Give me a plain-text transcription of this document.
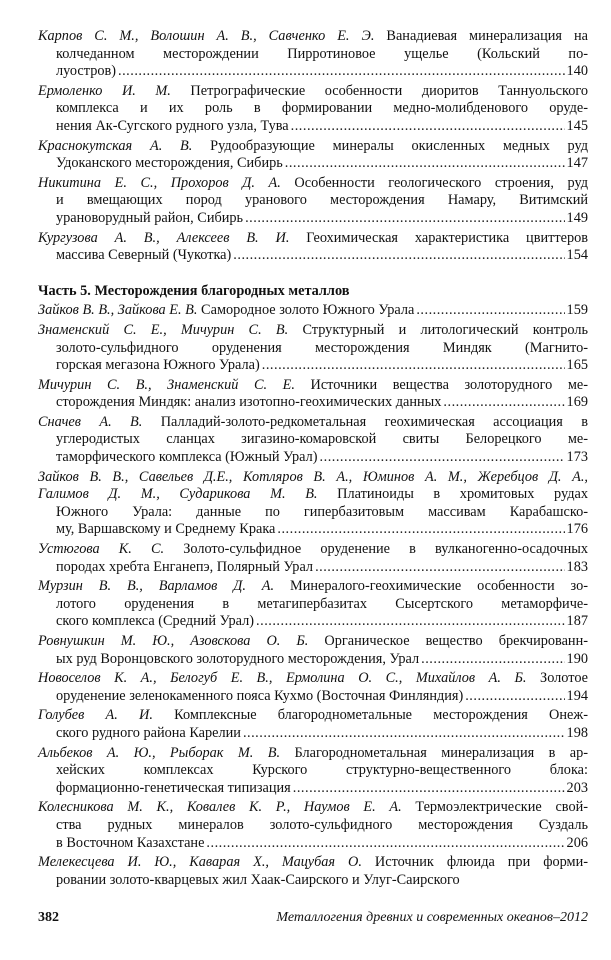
Карпов С. М., Волошин А. В., Савченко Е. Э. Ванадиевая минерализация на
колчеданном месторождении Пирротиновое ущелье (Кольский по-
луостров) .....	140
Ермоленко И. М. Петрографические особенности диоритов Таннуольского
комплекса и их роль в формировании медно-молибденового оруде-
нения Ак-Сугского рудного узла, Тува .....	145
Краснокутская А. В. Рудообразующие минералы окисленных медных руд
Удоканского месторождения, Сибирь .....	147
Никитина Е. С., Прохоров Д. А. Особенности геологического строения, руд
и вмещающих пород уранового месторождения Намару, Витимский
урановорудный район, Сибирь .....	149
Кургузова А. В., Алексеев В. И. Геохимическая характеристика цвиттеров
массива Северный (Чукотка) .....	154
Часть 5. Месторождения благородных металлов
Зайков В. В., Зайкова Е. В. Самородное золото Южного Урала .....	159
Знаменский С. Е., Мичурин С. В. Структурный и литологический контроль
золото-сульфидного оруденения месторождения Миндяк (Магнито-
горская мегазона Южного Урала) .....	165
Мичурин С. В., Знаменский С. Е. Источники вещества золоторудного ме-
сторождения Миндяк: анализ изотопно-геохимических данных .....	169
Сначев А. В. Палладий-золото-редкометальная геохимическая ассоциация в
углеродистых сланцах зигазино-комаровской свиты Белорецкого ме-
таморфического комплекса (Южный Урал) .....	173
Зайков В. В., Савельев Д.Е., Котляров В. А., Юминов А. М., Жеребцов Д. А.,
Галимов Д. М., Сударикова М. В. Платиноиды в хромитовых рудах
Южного Урала: данные по гипербазитовым массивам Карабашско-
му, Варшавскому и Среднему Крака .....	176
Устюгова К. С. Золото-сульфидное оруденение в вулканогенно-осадочных
породах хребта Енганепэ, Полярный Урал .....	183
Мурзин В. В., Варламов Д. А. Минералого-геохимические особенности зо-
лотого оруденения в метагипербазитах Сысертского метаморфиче-
ского комплекса (Средний Урал) .....	187
Ровнушкин М. Ю., Азовскова О. Б. Органическое вещество брекчированн-
ых руд Воронцовского золоторудного месторождения, Урал .....	190
Новоселов К. А., Белогуб Е. В., Ермолина О. С., Михайлов А. Б. Золотое
оруденение зеленокаменного пояса Кухмо (Восточная Финляндия) .....	194
Голубев А. И. Комплексные благороднометальные месторождения Онеж-
ского рудного района Карелии .....	198
Альбеков А. Ю., Рыборак М. В. Благороднометальная минерализация в ар-
хейских комплексах Курского структурно-вещественного блока:
формационно-генетическая типизация .....	203
Колесникова М. К., Ковалев К. Р., Наумов Е. А. Термоэлектрические свой-
ства рудных минералов золото-сульфидного месторождения Суздаль
в Восточном Казахстане .....	206
Мелекесцева И. Ю., Каварая Х., Мацубая О. Источник флюида при форми-
ровании золото-кварцевых жил Хаак-Саирского и Улуг-Саирского
382	Металлогения древних и современных океанов–2012
